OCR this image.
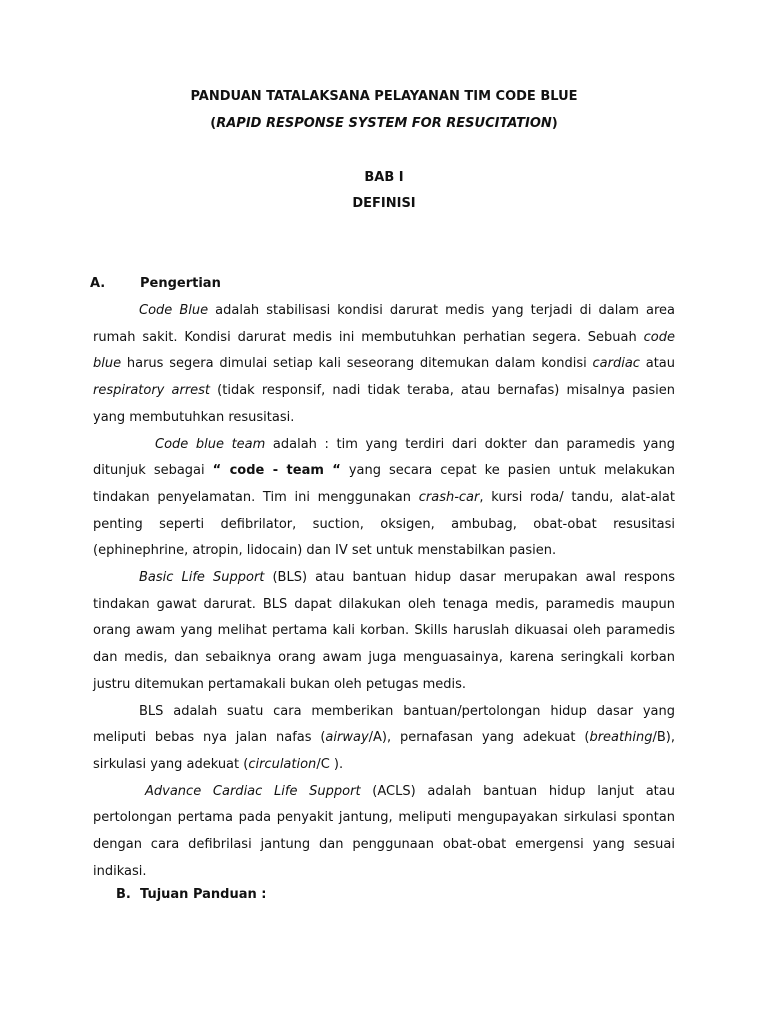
PANDUAN TATALAKSANA PELAYANAN TIM CODE BLUE
(RAPID RESPONSE SYSTEM FOR RESUCITATION)
BAB I
DEFINISI
A.	Pengertian

Code Blue adalah stabilisasi kondisi darurat medis yang terjadi di dalam area rumah sakit. Kondisi darurat medis ini membutuhkan perhatian segera. Sebuah code blue harus segera dimulai setiap kali seseorang ditemukan dalam kondisi cardiac atau respiratory arrest (tidak responsif, nadi tidak teraba, atau bernafas) misalnya pasien yang membutuhkan resusitasi.

Code blue team adalah : tim yang terdiri dari dokter dan paramedis yang ditunjuk sebagai “ code - team “ yang secara cepat ke pasien untuk melakukan tindakan penyelamatan. Tim ini menggunakan crash-car, kursi roda/ tandu, alat-alat penting seperti defibrilator, suction, oksigen, ambubag, obat-obat resusitasi (ephinephrine, atropin, lidocain) dan IV set untuk menstabilkan pasien.

Basic Life Support (BLS) atau bantuan hidup dasar merupakan awal respons tindakan gawat darurat. BLS dapat dilakukan oleh tenaga medis, paramedis maupun orang awam yang melihat pertama kali korban. Skills haruslah dikuasai oleh paramedis dan medis, dan sebaiknya orang awam juga menguasainya, karena seringkali korban justru ditemukan pertamakali bukan oleh petugas medis.

BLS adalah suatu cara memberikan bantuan/pertolongan hidup dasar yang meliputi bebas nya jalan nafas (airway/A), pernafasan yang adekuat (breathing/B), sirkulasi yang adekuat (circulation/C ).

Advance Cardiac Life Support (ACLS) adalah bantuan hidup lanjut atau pertolongan pertama pada penyakit jantung, meliputi mengupayakan sirkulasi spontan dengan cara defibrilasi jantung dan penggunaan obat-obat emergensi yang sesuai indikasi.

B. Tujuan Panduan :
